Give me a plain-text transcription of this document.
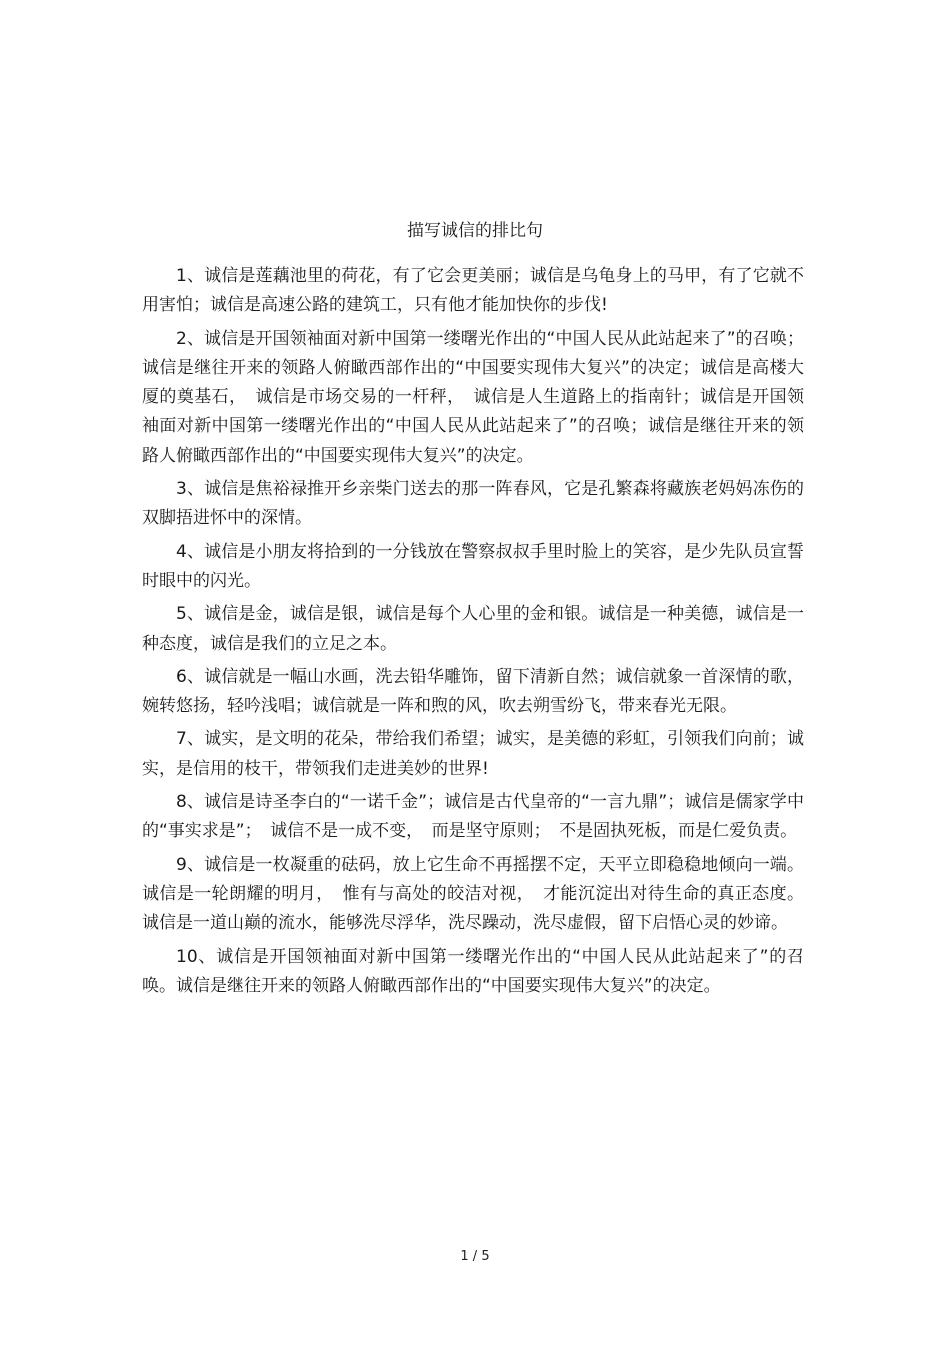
描写诚信的排比句

1、诚信是莲藕池里的荷花，有了它会更美丽；诚信是乌龟身上的马甲，有了它就不用害怕；诚信是高速公路的建筑工，只有他才能加快你的步伐!

2、诚信是开国领袖面对新中国第一缕曙光作出的“中国人民从此站起来了”的召唤；诚信是继往开来的领路人俯瞰西部作出的“中国要实现伟大复兴”的决定；诚信是高楼大厦的奠基石，　诚信是市场交易的一杆秤，　诚信是人生道路上的指南针；诚信是开国领袖面对新中国第一缕曙光作出的“中国人民从此站起来了”的召唤；诚信是继往开来的领路人俯瞰西部作出的“中国要实现伟大复兴”的决定。

3、诚信是焦裕禄推开乡亲柴门送去的那一阵春风，它是孔繁森将藏族老妈妈冻伤的双脚捂进怀中的深情。

4、诚信是小朋友将拾到的一分钱放在警察叔叔手里时脸上的笑容，是少先队员宣誓时眼中的闪光。

5、诚信是金，诚信是银，诚信是每个人心里的金和银。诚信是一种美德，诚信是一种态度，诚信是我们的立足之本。

6、诚信就是一幅山水画，洗去铅华雕饰，留下清新自然；诚信就象一首深情的歌，婉转悠扬，轻吟浅唱；诚信就是一阵和煦的风，吹去朔雪纷飞，带来春光无限。

7、诚实，是文明的花朵，带给我们希望；诚实，是美德的彩虹，引领我们向前；诚实，是信用的枝干，带领我们走进美妙的世界!

8、诚信是诗圣李白的“一诺千金”；诚信是古代皇帝的“一言九鼎”；诚信是儒家学中的“事实求是”；　诚信不是一成不变，　而是坚守原则；　不是固执死板，而是仁爱负责。

9、诚信是一枚凝重的砝码，放上它生命不再摇摆不定，天平立即稳稳地倾向一端。诚信是一轮朗耀的明月，　惟有与高处的皎洁对视，　才能沉淀出对待生命的真正态度。诚信是一道山巅的流水，能够洗尽浮华，洗尽躁动，洗尽虚假，留下启悟心灵的妙谛。

10、诚信是开国领袖面对新中国第一缕曙光作出的“中国人民从此站起来了”的召唤。诚信是继往开来的领路人俯瞰西部作出的“中国要实现伟大复兴”的决定。

1 / 5
